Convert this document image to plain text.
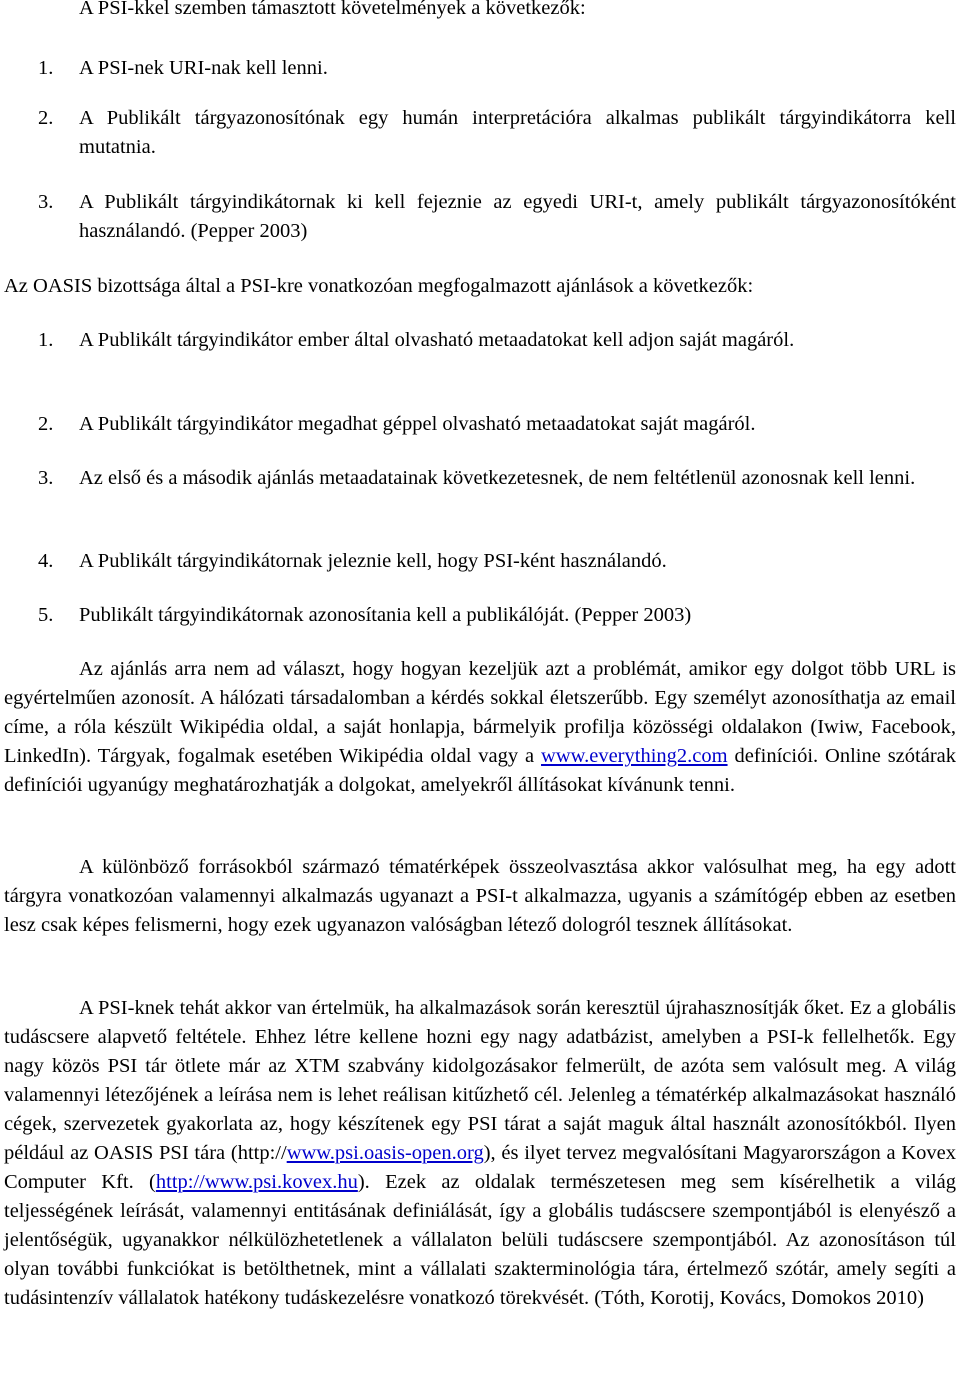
A PSI-kkel szemben támasztott követelmények a következők:
1. A PSI-nek URI-nak kell lenni.
2. A Publikált tárgyazonosítónak egy humán interpretációra alkalmas publikált tárgyindikátorra kell mutatnia.
3. A Publikált tárgyindikátornak ki kell fejeznie az egyedi URI-t, amely publikált tárgyazonosítóként használandó. (Pepper 2003)
Az OASIS bizottsága által a PSI-kre vonatkozóan megfogalmazott ajánlások a következők:
1. A Publikált tárgyindikátor ember által olvasható metaadatokat kell adjon saját magáról.
2. A Publikált tárgyindikátor megadhat géppel olvasható metaadatokat saját magáról.
3. Az első és a második ajánlás metaadatainak következetesnek, de nem feltétlenül azonosnak kell lenni.
4. A Publikált tárgyindikátornak jeleznie kell, hogy PSI-ként használandó.
5. Publikált tárgyindikátornak azonosítania kell a publikálóját. (Pepper 2003)
Az ajánlás arra nem ad választ, hogy hogyan kezeljük azt a problémát, amikor egy dolgot több URL is egyértelműen azonosít. A hálózati társadalomban a kérdés sokkal életszerűbb. Egy személyt azonosíthatja az email címe, a róla készült Wikipédia oldal, a saját honlapja, bármelyik profilja közösségi oldalakon (Iwiw, Facebook, LinkedIn). Tárgyak, fogalmak esetében Wikipédia oldal vagy a www.everything2.com definíciói. Online szótárak definíciói ugyanúgy meghatározhatják a dolgokat, amelyekről állításokat kívánunk tenni.
A különböző forrásokból származó tématérképek összeolvasztása akkor valósulhat meg, ha egy adott tárgyra vonatkozóan valamennyi alkalmazás ugyanazt a PSI-t alkalmazza, ugyanis a számítógép ebben az esetben lesz csak képes felismerni, hogy ezek ugyanazon valóságban létező dologról tesznek állításokat.
A PSI-knek tehát akkor van értelmük, ha alkalmazások során keresztül újrahasznosítják őket. Ez a globális tudáscsere alapvető feltétele. Ehhez létre kellene hozni egy nagy adatbázist, amelyben a PSI-k fellelhetők. Egy nagy közös PSI tár ötlete már az XTM szabvány kidolgozásakor felmerült, de azóta sem valósult meg. A világ valamennyi létezőjének a leírása nem is lehet reálisan kitűzhető cél. Jelenleg a tématérkép alkalmazásokat használó cégek, szervezetek gyakorlata az, hogy készítenek egy PSI tárat a saját maguk által használt azonosítókból. Ilyen például az OASIS PSI tára (http://www.psi.oasis-open.org), és ilyet tervez megvalósítani Magyarországon a Kovex Computer Kft. (http://www.psi.kovex.hu). Ezek az oldalak természetesen meg sem kísérelhetik a világ teljességének leírását, valamennyi entitásának definiálását, így a globális tudáscsere szempontjából is elenyésző a jelentőségük, ugyanakkor nélkülözhetetlenek a vállalaton belüli tudáscsere szempontjából. Az azonosításon túl olyan további funkciókat is betölthetnek, mint a vállalati szakterminológia tára, értelmező szótár, amely segíti a tudásintenzív vállalatok hatékony tudáskezelésre vonatkozó törekvését. (Tóth, Korotij, Kovács, Domokos 2010)
